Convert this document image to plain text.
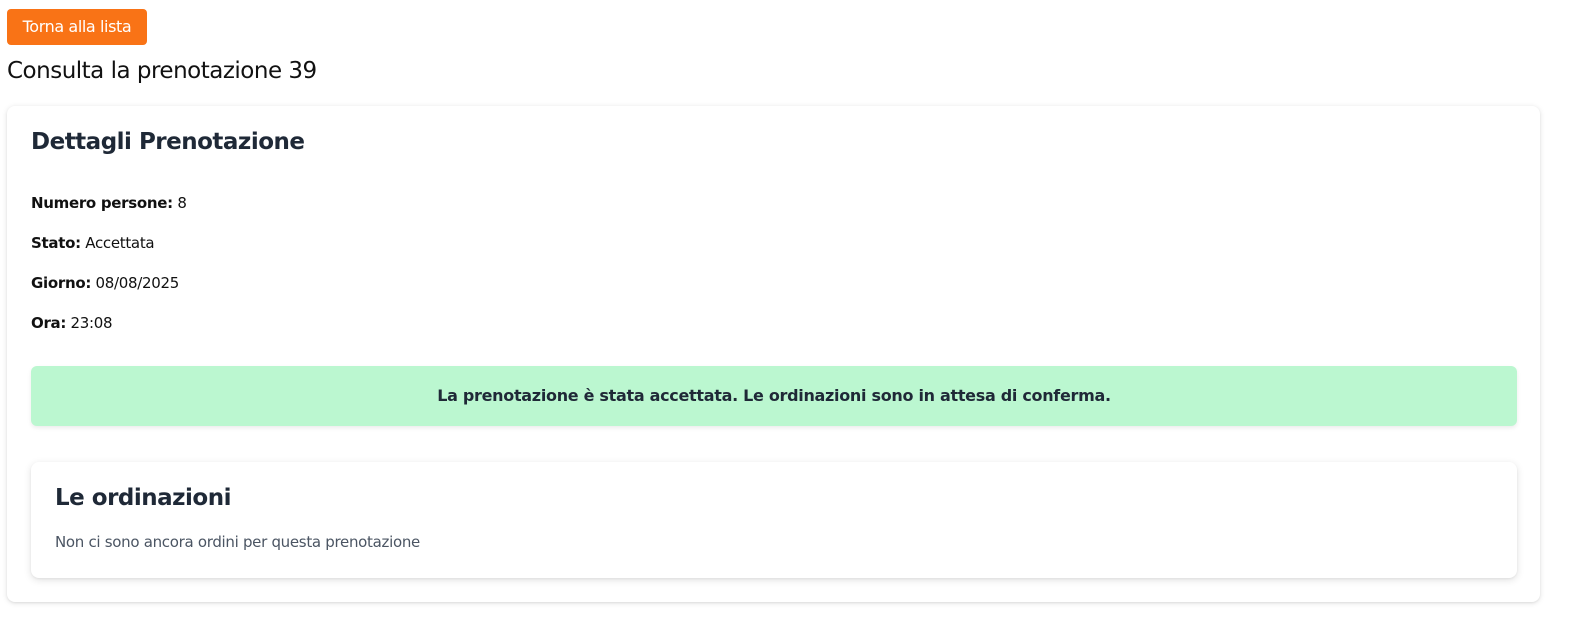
Torna alla lista
Consulta la prenotazione 39
Dettagli Prenotazione

Numero persone: 8

Stato: Accettata

Giorno: 08/08/2025

Ora: 23:08

La prenotazione è stata accettata. Le ordinazioni sono in attesa di conferma.
Le ordinazioni

Non ci sono ancora ordini per questa prenotazione
